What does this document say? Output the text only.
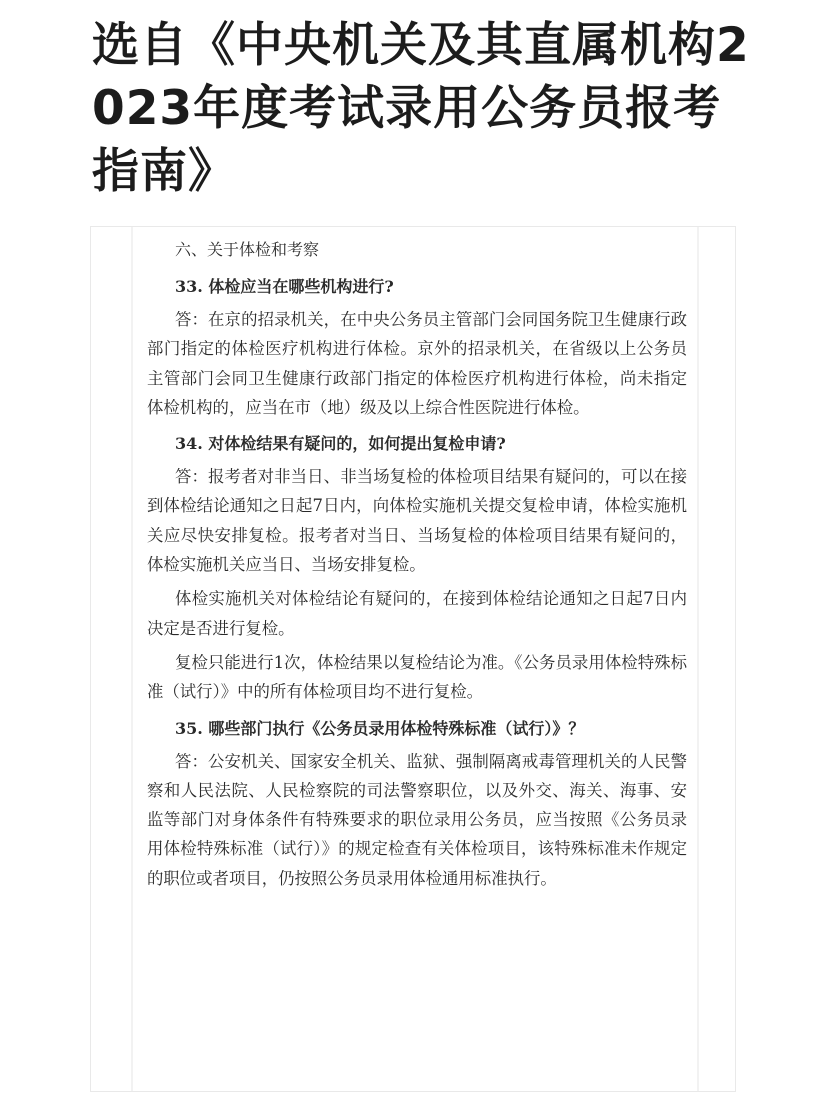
选自《中央机关及其直属机构2023年度考试录用公务员报考指南》

六、关于体检和考察

33. 体检应当在哪些机构进行?

答：在京的招录机关，在中央公务员主管部门会同国务院卫生健康行政部门指定的体检医疗机构进行体检。京外的招录机关，在省级以上公务员主管部门会同卫生健康行政部门指定的体检医疗机构进行体检，尚未指定体检机构的，应当在市（地）级及以上综合性医院进行体检。

34. 对体检结果有疑问的，如何提出复检申请?

答：报考者对非当日、非当场复检的体检项目结果有疑问的，可以在接到体检结论通知之日起7日内，向体检实施机关提交复检申请，体检实施机关应尽快安排复检。报考者对当日、当场复检的体检项目结果有疑问的，体检实施机关应当日、当场安排复检。

体检实施机关对体检结论有疑问的，在接到体检结论通知之日起7日内决定是否进行复检。

复检只能进行1次，体检结果以复检结论为准。《公务员录用体检特殊标准（试行）》中的所有体检项目均不进行复检。

35. 哪些部门执行《公务员录用体检特殊标准（试行）》？

答：公安机关、国家安全机关、监狱、强制隔离戒毒管理机关的人民警察和人民法院、人民检察院的司法警察职位，以及外交、海关、海事、安监等部门对身体条件有特殊要求的职位录用公务员，应当按照《公务员录用体检特殊标准（试行）》的规定检查有关体检项目，该特殊标准未作规定的职位或者项目，仍按照公务员录用体检通用标准执行。
